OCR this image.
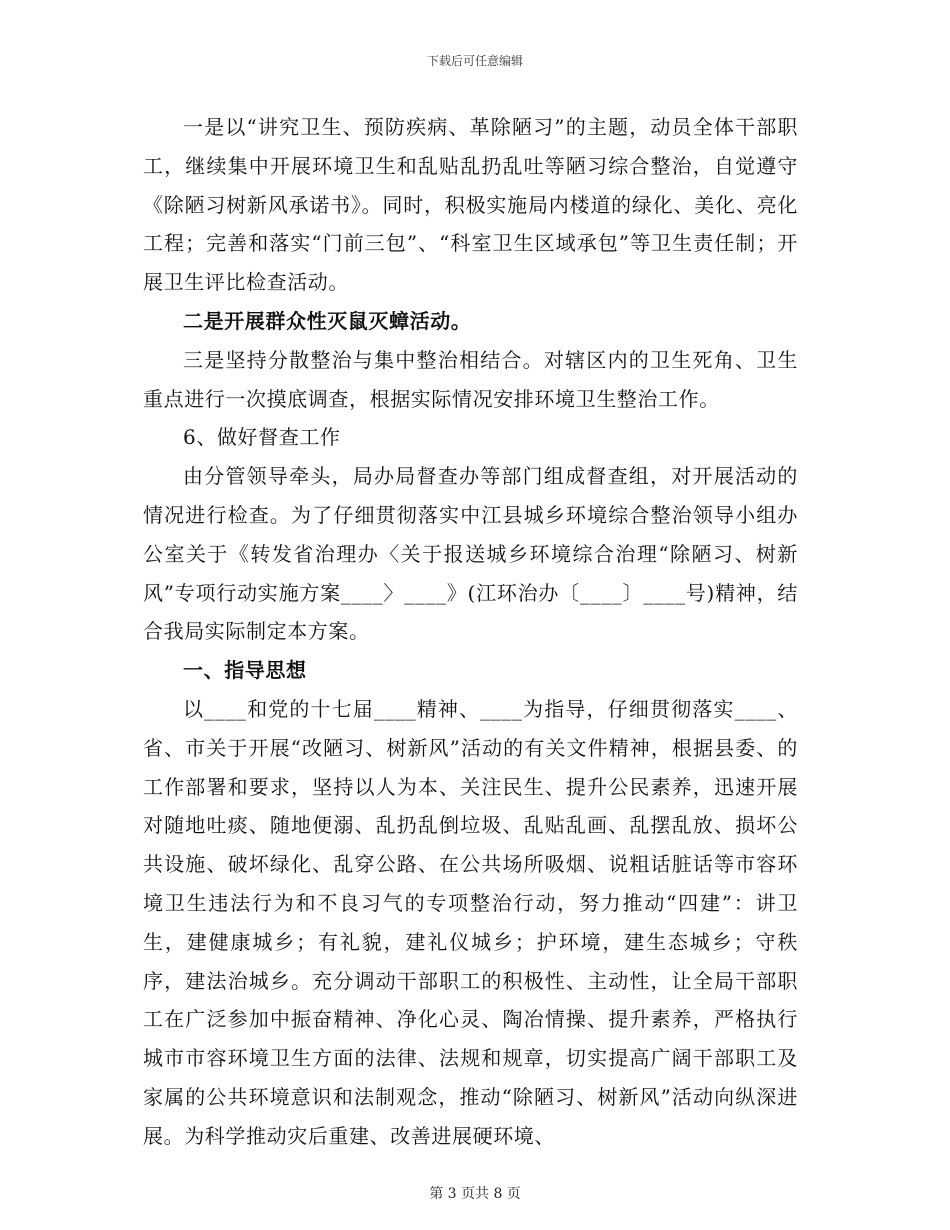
下载后可任意编辑

一是以“讲究卫生、预防疾病、革除陋习”的主题，动员全体干部职工，继续集中开展环境卫生和乱贴乱扔乱吐等陋习综合整治，自觉遵守《除陋习树新风承诺书》。同时，积极实施局内楼道的绿化、美化、亮化工程；完善和落实“门前三包”、“科室卫生区域承包”等卫生责任制；开展卫生评比检查活动。

二是开展群众性灭鼠灭蟑活动。

三是坚持分散整治与集中整治相结合。对辖区内的卫生死角、卫生重点进行一次摸底调查，根据实际情况安排环境卫生整治工作。

6、做好督查工作

由分管领导牵头，局办局督查办等部门组成督查组，对开展活动的情况进行检查。为了仔细贯彻落实中江县城乡环境综合整治领导小组办公室关于《转发省治理办〈关于报送城乡环境综合治理“除陋习、树新风”专项行动实施方案____〉____》(江环治办〔____〕____号)精神，结合我局实际制定本方案。

一、指导思想

以____和党的十七届____精神、____为指导，仔细贯彻落实____、省、市关于开展“改陋习、树新风”活动的有关文件精神，根据县委、的工作部署和要求，坚持以人为本、关注民生、提升公民素养，迅速开展对随地吐痰、随地便溺、乱扔乱倒垃圾、乱贴乱画、乱摆乱放、损坏公共设施、破坏绿化、乱穿公路、在公共场所吸烟、说粗话脏话等市容环境卫生违法行为和不良习气的专项整治行动，努力推动“四建”：讲卫生，建健康城乡；有礼貌，建礼仪城乡；护环境，建生态城乡；守秩序，建法治城乡。充分调动干部职工的积极性、主动性，让全局干部职工在广泛参加中振奋精神、净化心灵、陶冶情操、提升素养，严格执行城市市容环境卫生方面的法律、法规和规章，切实提高广阔干部职工及家属的公共环境意识和法制观念，推动“除陋习、树新风”活动向纵深进展。为科学推动灾后重建、改善进展硬环境、

第 3 页共 8 页
